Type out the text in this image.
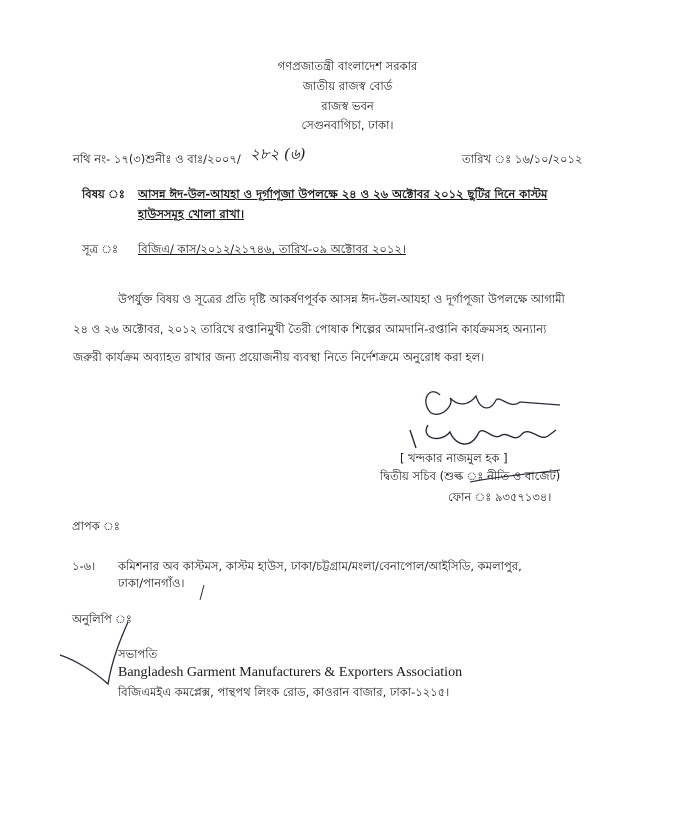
গণপ্রজাতন্ত্রী বাংলাদেশ সরকার
জাতীয় রাজস্ব বোর্ড
রাজস্ব ভবন
সেগুনবাগিচা, ঢাকা।
নথি নং- ১৭(৩)শুনীঃ ও বাঃ/২০০৭/ ২৮২ (৬)	তারিখ ঃ ১৬/১০/২০১২
বিষয় ঃ আসন্ন ঈদ-উল-আযহা ও দূর্গাপূজা উপলক্ষে ২৪ ও ২৬ অক্টোবর ২০১২ ছুটির দিনে কাস্টম
হাউসসমূহ খোলা রাখা।
সূত্র ঃ বিজিএ/ কাস/২০১২/২১৭৪৬, তারিখ-০৯ অক্টোবর ২০১২।
উপর্যুক্ত বিষয় ও সূত্রের প্রতি দৃষ্টি আকর্ষণপূর্বক আসন্ন ঈদ-উল-আযহা ও দূর্গাপূজা উপলক্ষে আগামী
২৪ ও ২৬ অক্টোবর, ২০১২ তারিখে রপ্তানিমুখী তৈরী পোষাক শিল্পের আমদানি-রপ্তানি কার্যক্রমসহ অন্যান্য
জরুরী কার্যক্রম অব্যাহত রাখার জন্য প্রয়োজনীয় ব্যবস্থা নিতে নির্দেশক্রমে অনুরোধ করা হল।
[ খন্দকার নাজমুল হক ]
দ্বিতীয় সচিব (শুল্ক ঃ নীতি ও বাজেট)
ফোন ঃ ৯৩৫৭১৩৪।
প্রাপক ঃ
১-৬। কমিশনার অব কাস্টমস, কাস্টম হাউস, ঢাকা/চট্টগ্রাম/মংলা/বেনাপোল/আইসিডি, কমলাপুর,
ঢাকা/পানগাঁও।
অনুলিপি ঃ
সভাপতি
Bangladesh Garment Manufacturers & Exporters Association
বিজিএমইএ কমপ্লেক্স, পান্থপথ লিংক রোড, কাওরান বাজার, ঢাকা-১২১৫।
